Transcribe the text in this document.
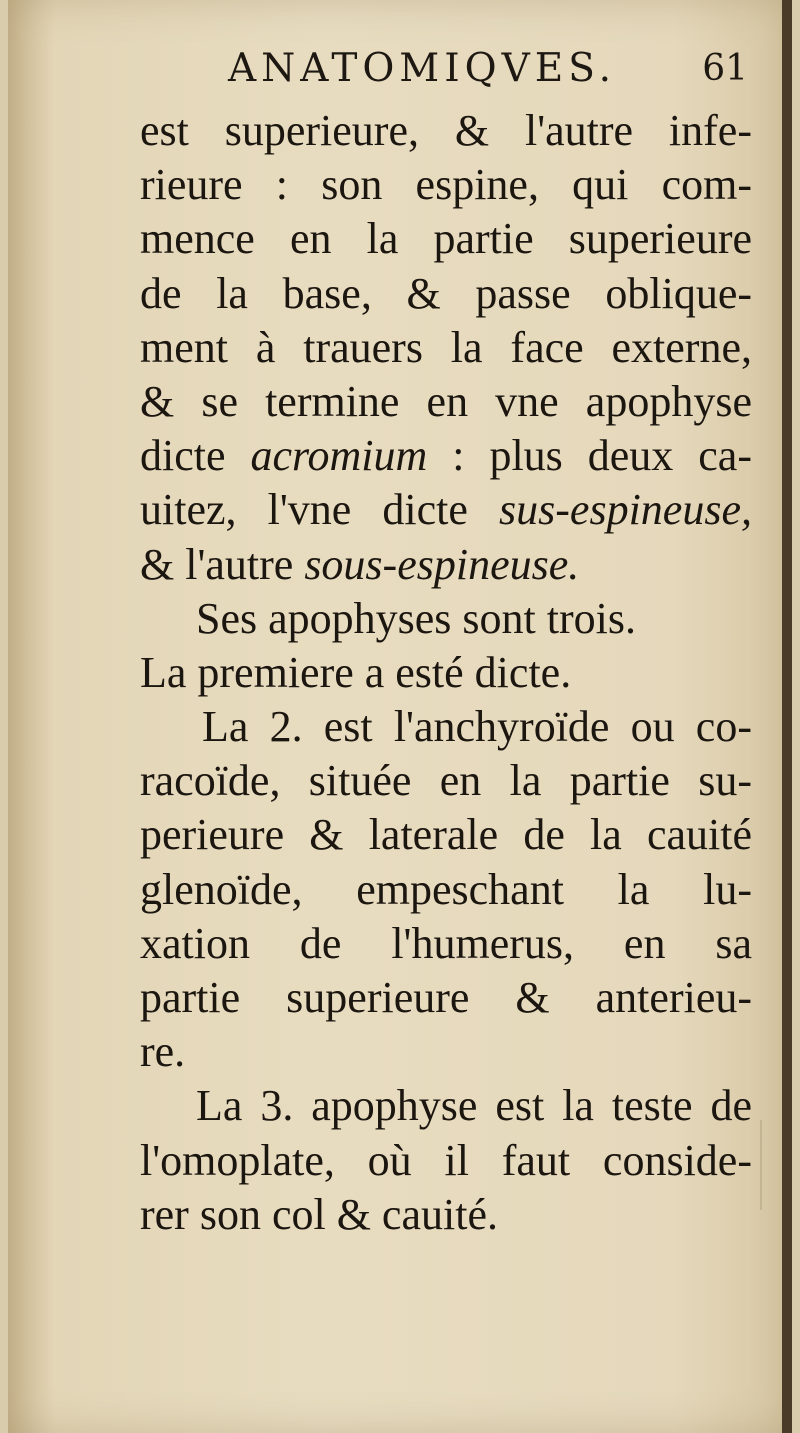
ANATOMIQVES. 61
est superieure, & l'autre infe-
rieure : son espine, qui com-
mence en la partie superieure
de la base, & passe oblique-
ment à trauers la face externe,
& se termine en vne apophyse
dicte acromium : plus deux ca-
uitez, l'vne dicte sus-espineuse,
& l'autre sous-espineuse.
Ses apophyses sont trois.
La premiere a esté dicte.
La 2. est l'anchyroïde ou co-
racoïde, située en la partie su-
perieure & laterale de la cauité
glenoïde, empeschant la lu-
xation de l'humerus, en sa
partie superieure & anterieu-
re.
La 3. apophyse est la teste de
l'omoplate, où il faut conside-
rer son col & cauité.
